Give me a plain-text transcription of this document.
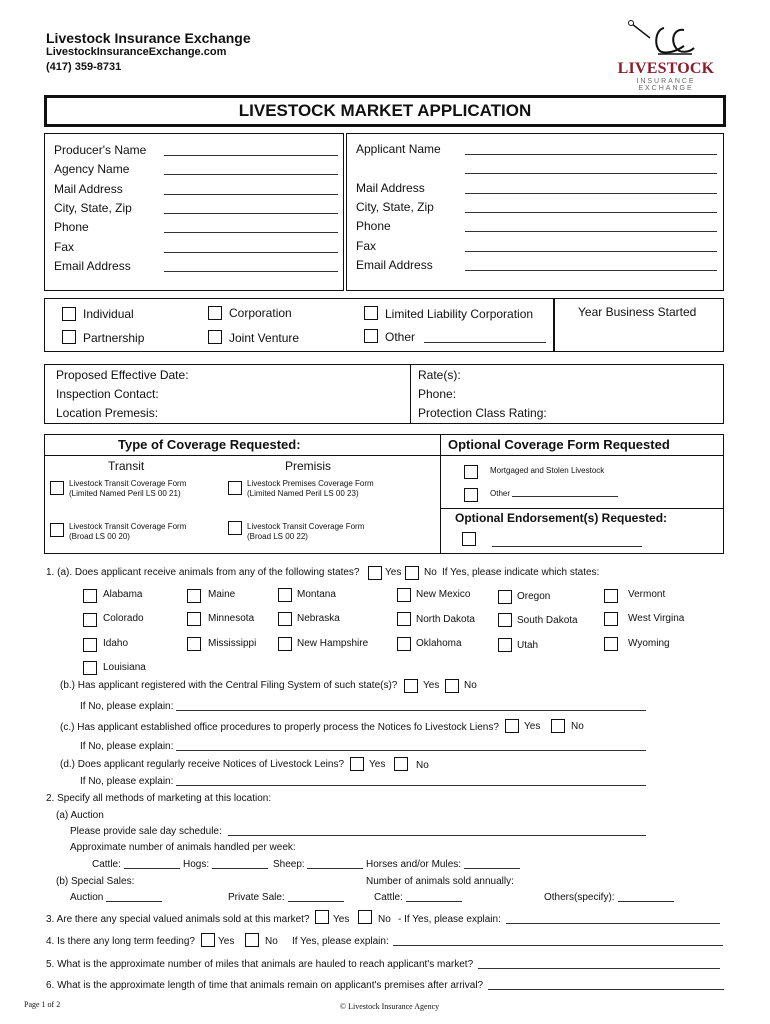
Livestock Insurance Exchange
LivestockInsuranceExchange.com
(417) 359-8731	LIVESTOCK
INSURANCE EXCHANGE
LIVESTOCK MARKET APPLICATION
Producer's Name
Agency Name
Mail Address
City, State, Zip
Phone
Fax
Email Address
Applicant Name
Mail Address
City, State, Zip
Phone
Fax
Email Address
Individual
Partnership
Corporation
Joint Venture
Limited Liability Corporation
Other
Year Business Started
Proposed Effective Date:
Inspection Contact:
Location Premesis:
Rate(s):
Phone:
Protection Class Rating:
Type of Coverage Requested:	Optional Coverage Form Requested
Transit	Premisis
Livestock Transit Coverage Form
(Limited Named Peril LS 00 21)
Livestock Transit Coverage Form
(Broad LS 00 20)
Livestock Premises Coverage Form
(Limited Named Peril LS 00 23)
Livestock Transit Coverage Form
(Broad LS 00 22)
Mortgaged and Stolen Livestock
Other
Optional Endorsement(s) Requested:
1. (a). Does applicant receive animals from any of the following states?	Yes No If Yes, please indicate which states:
Alabama	Maine	Montana	New Mexico	Oregon	Vermont
Colorado	Minnesota	Nebraska	North Dakota	South Dakota	West Virgina
Idaho	Mississippi	New Hampshire	Oklahoma	Utah	Wyoming
Louisiana
(b.) Has applicant registered with the Central Filing System of such state(s)?	Yes No
If No, please explain:
(c.) Has applicant established office procedures to properly process the Notices fo Livestock Liens?	Yes	No
If No, please explain:
(d.) Does applicant regularly receive Notices of Livestock Leins? Yes	No
If No, please explain:
2. Specify all methods of marketing at this location:
(a) Auction
Please provide sale day schedule:
Approximate number of animals handled per week:
Cattle:	Hogs:	Sheep:	Horses and/or Mules:
(b) Special Sales:	Number of animals sold annually:
Auction	Private Sale:	Cattle:	Others(specify):
3. Are there any special valued animals sold at this market? Yes	No - If Yes, please explain:
4. Is there any long term feeding? Yes	No If Yes, please explain:
5. What is the approximate number of miles that animals are hauled to reach applicant's market?
6. What is the approximate length of time that animals remain on applicant's premises after arrival?
Page 1 of 2	© Livestock Insurance Agency
